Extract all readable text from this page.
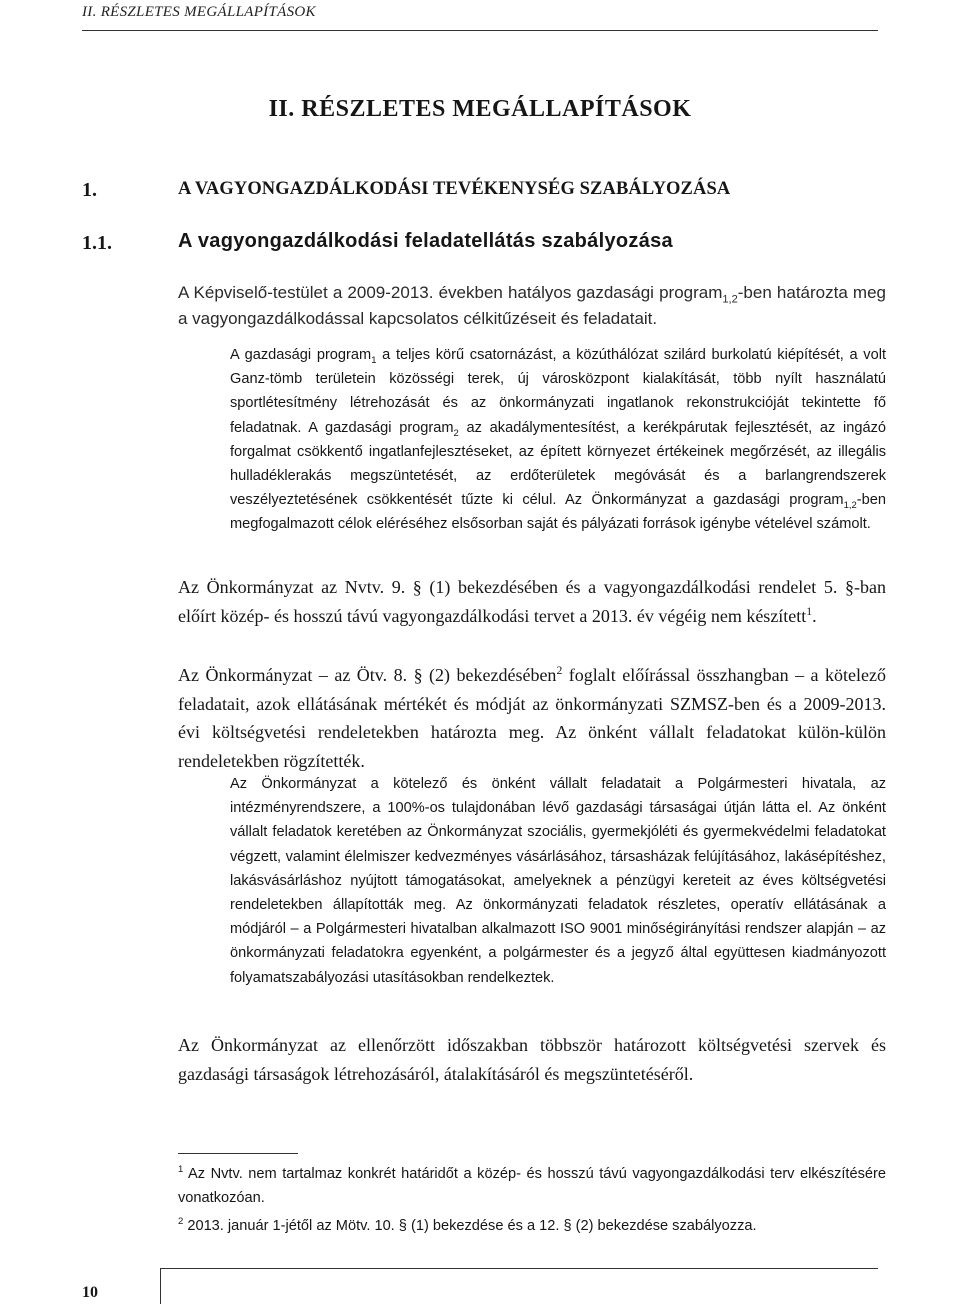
II. RÉSZLETES MEGÁLLAPÍTÁSOK
II. RÉSZLETES MEGÁLLAPÍTÁSOK
1.	A VAGYONGAZDÁLKODÁSI TEVÉKENYSÉG SZABÁLYOZÁSA
1.1.	A vagyongazdálkodási feladatellátás szabályozása

A Képviselő-testület a 2009-2013. években hatályos gazdasági program$_{1,2}$-ben határozta meg a vagyongazdálkodással kapcsolatos célkitűzéseit és feladatait.

A gazdasági program$_1$ a teljes körű csatornázást, a közúthálózat szilárd burkolatú kiépítését, a volt Ganz-tömb területein közösségi terek, új városközpont kialakítását, több nyílt használatú sportlétesítmény létrehozását és az önkormányzati ingatlanok rekonstrukcióját tekintette fő feladatnak. A gazdasági program$_2$ az akadálymentesítést, a kerékpárutak fejlesztését, az ingázó forgalmat csökkentő ingatlanfejlesztéseket, az épített környezet értékeinek megőrzését, az illegális hulladéklerakás megszüntetését, az erdőterületek megóvását és a barlangrendszerek veszélyeztetésének csökkentését tűzte ki célul. Az Önkormányzat a gazdasági program$_{1,2}$-ben megfogalmazott célok eléréséhez elsősorban saját és pályázati források igénybe vételével számolt.

Az Önkormányzat az Nvtv. 9. § (1) bekezdésében és a vagyongazdálkodási rendelet 5. §-ban előírt közép- és hosszú távú vagyongazdálkodási tervet a 2013. év végéig nem készített$^1$.

Az Önkormányzat – az Ötv. 8. § (2) bekezdésében$^2$ foglalt előírással összhangban – a kötelező feladatait, azok ellátásának mértékét és módját az önkormányzati SZMSZ-ben és a 2009-2013. évi költségvetési rendeletekben határozta meg. Az önként vállalt feladatokat külön-külön rendeletekben rögzítették.

Az Önkormányzat a kötelező és önként vállalt feladatait a Polgármesteri hivatala, az intézményrendszere, a 100%-os tulajdonában lévő gazdasági társaságai útján látta el. Az önként vállalt feladatok keretében az Önkormányzat szociális, gyermekjóléti és gyermekvédelmi feladatokat végzett, valamint élelmiszer kedvezményes vásárlásához, társasházak felújításához, lakásépítéshez, lakásvásárláshoz nyújtott támogatásokat, amelyeknek a pénzügyi kereteit az éves költségvetési rendeletekben állapították meg. Az önkormányzati feladatok részletes, operatív ellátásának a módjáról – a Polgármesteri hivatalban alkalmazott ISO 9001 minőségirányítási rendszer alapján – az önkormányzati feladatokra egyenként, a polgármester és a jegyző által együttesen kiadmányozott folyamatszabályozási utasításokban rendelkeztek.

Az Önkormányzat az ellenőrzött időszakban többször határozott költségvetési szervek és gazdasági társaságok létrehozásáról, átalakításáról és megszüntetéséről.

$^1$ Az Nvtv. nem tartalmaz konkrét határidőt a közép- és hosszú távú vagyongazdálkodási terv elkészítésére vonatkozóan.

$^2$ 2013. január 1-jétől az Mötv. 10. § (1) bekezdése és a 12. § (2) bekezdése szabályozza.

10
